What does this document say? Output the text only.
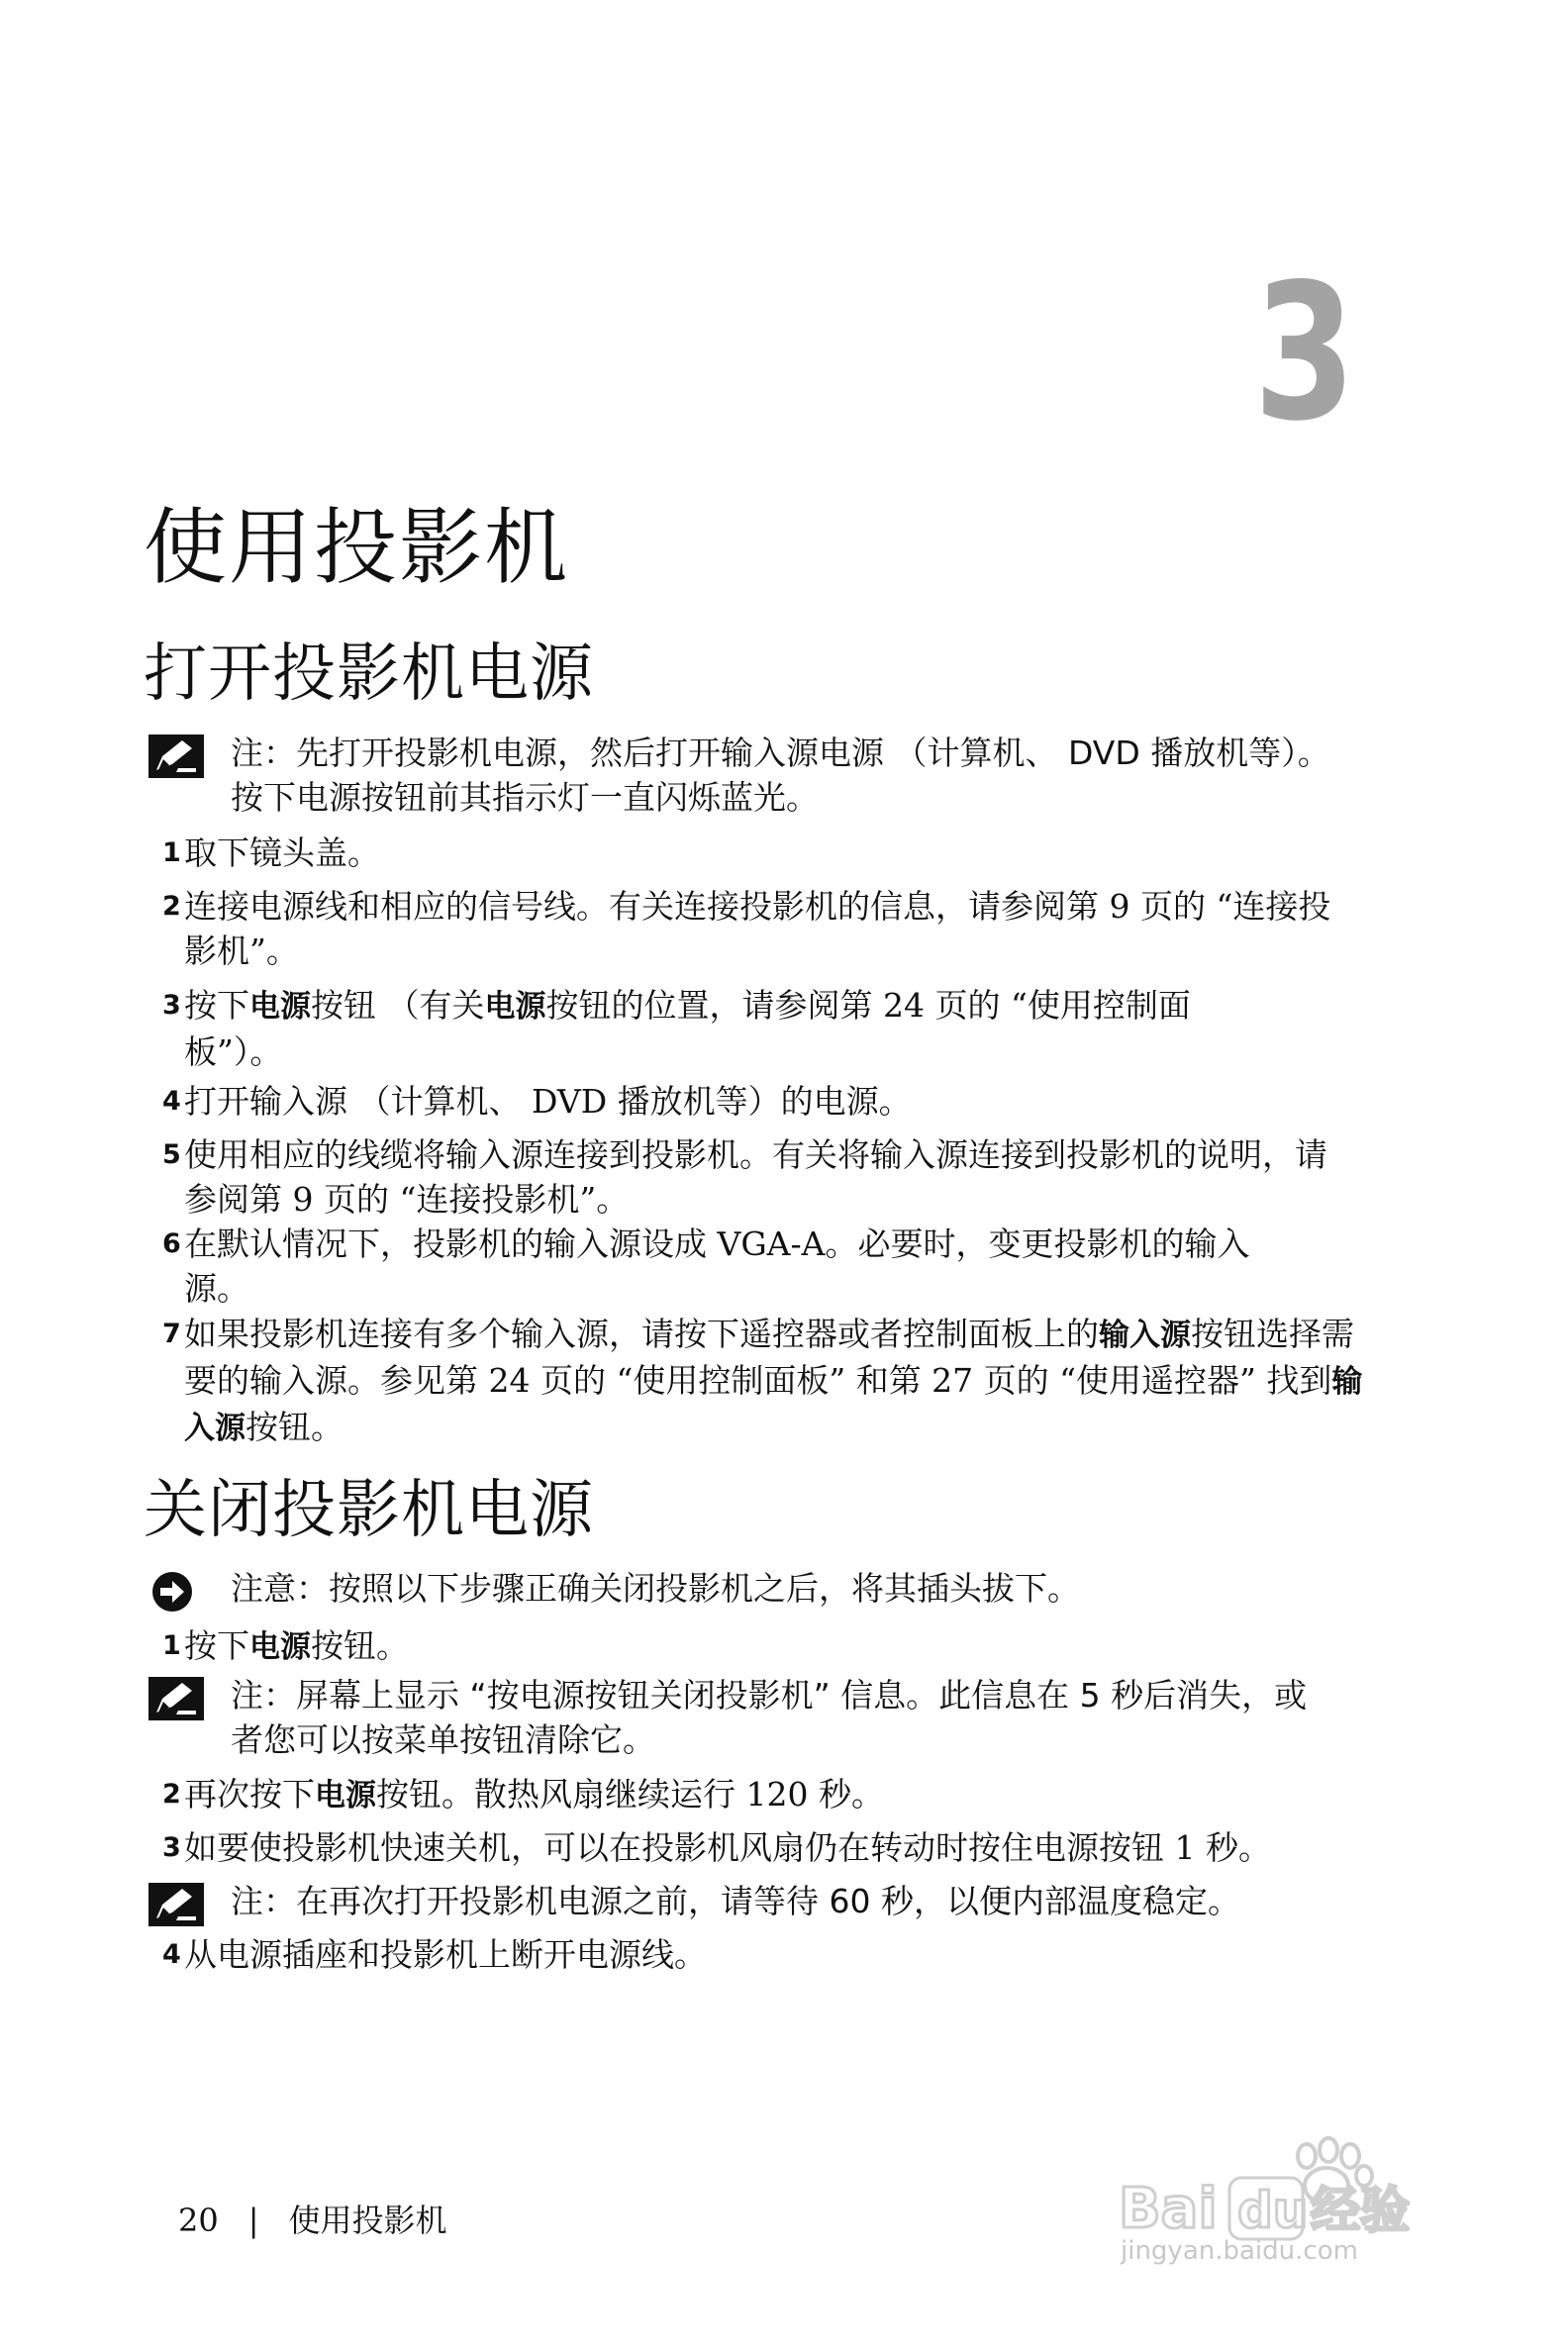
3
使用投影机
打开投影机电源
注：先打开投影机电源，然后打开输入源电源 （计算机、 DVD 播放机等）。按下电源按钮前其指示灯一直闪烁蓝光。
1 取下镜头盖。
2 连接电源线和相应的信号线。有关连接投影机的信息，请参阅第 9 页的 “连接投影机”。
3 按下电源按钮 （有关电源按钮的位置，请参阅第 24 页的 “使用控制面板”）。
4 打开输入源 （计算机、 DVD 播放机等）的电源。
5 使用相应的线缆将输入源连接到投影机。有关将输入源连接到投影机的说明，请参阅第 9 页的 “连接投影机”。
6 在默认情况下，投影机的输入源设成 VGA-A。必要时，变更投影机的输入源。
7 如果投影机连接有多个输入源，请按下遥控器或者控制面板上的输入源按钮选择需要的输入源。参见第 24 页的 “使用控制面板” 和第 27 页的 “使用遥控器” 找到输入源按钮。
关闭投影机电源
注意：按照以下步骤正确关闭投影机之后，将其插头拔下。
1 按下电源按钮。
注：屏幕上显示 “按电源按钮关闭投影机” 信息。此信息在 5 秒后消失，或者您可以按菜单按钮清除它。
2 再次按下电源按钮。散热风扇继续运行 120 秒。
3 如要使投影机快速关机，可以在投影机风扇仍在转动时按住电源按钮 1 秒。
注：在再次打开投影机电源之前，请等待 60 秒，以便内部温度稳定。
4 从电源插座和投影机上断开电源线。
20 | 使用投影机	Bai du 经验
jingyan.baidu.com
